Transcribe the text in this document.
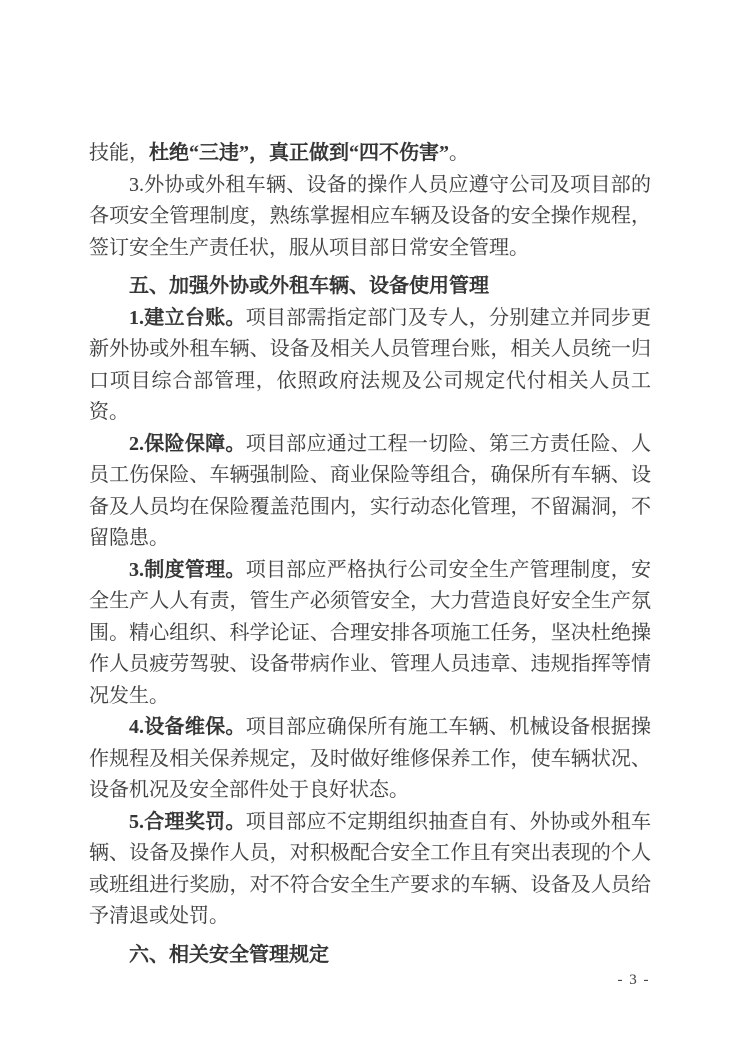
技能，杜绝“三违”，真正做到“四不伤害”。

3.外协或外租车辆、设备的操作人员应遵守公司及项目部的各项安全管理制度，熟练掌握相应车辆及设备的安全操作规程，签订安全生产责任状，服从项目部日常安全管理。

五、加强外协或外租车辆、设备使用管理

1.建立台账。项目部需指定部门及专人，分别建立并同步更新外协或外租车辆、设备及相关人员管理台账，相关人员统一归口项目综合部管理，依照政府法规及公司规定代付相关人员工资。

2.保险保障。项目部应通过工程一切险、第三方责任险、人员工伤保险、车辆强制险、商业保险等组合，确保所有车辆、设备及人员均在保险覆盖范围内，实行动态化管理，不留漏洞，不留隐患。

3.制度管理。项目部应严格执行公司安全生产管理制度，安全生产人人有责，管生产必须管安全，大力营造良好安全生产氛围。精心组织、科学论证、合理安排各项施工任务，坚决杜绝操作人员疲劳驾驶、设备带病作业、管理人员违章、违规指挥等情况发生。

4.设备维保。项目部应确保所有施工车辆、机械设备根据操作规程及相关保养规定，及时做好维修保养工作，使车辆状况、设备机况及安全部件处于良好状态。

5.合理奖罚。项目部应不定期组织抽查自有、外协或外租车辆、设备及操作人员，对积极配合安全工作且有突出表现的个人或班组进行奖励，对不符合安全生产要求的车辆、设备及人员给予清退或处罚。

六、相关安全管理规定
- 3 -
